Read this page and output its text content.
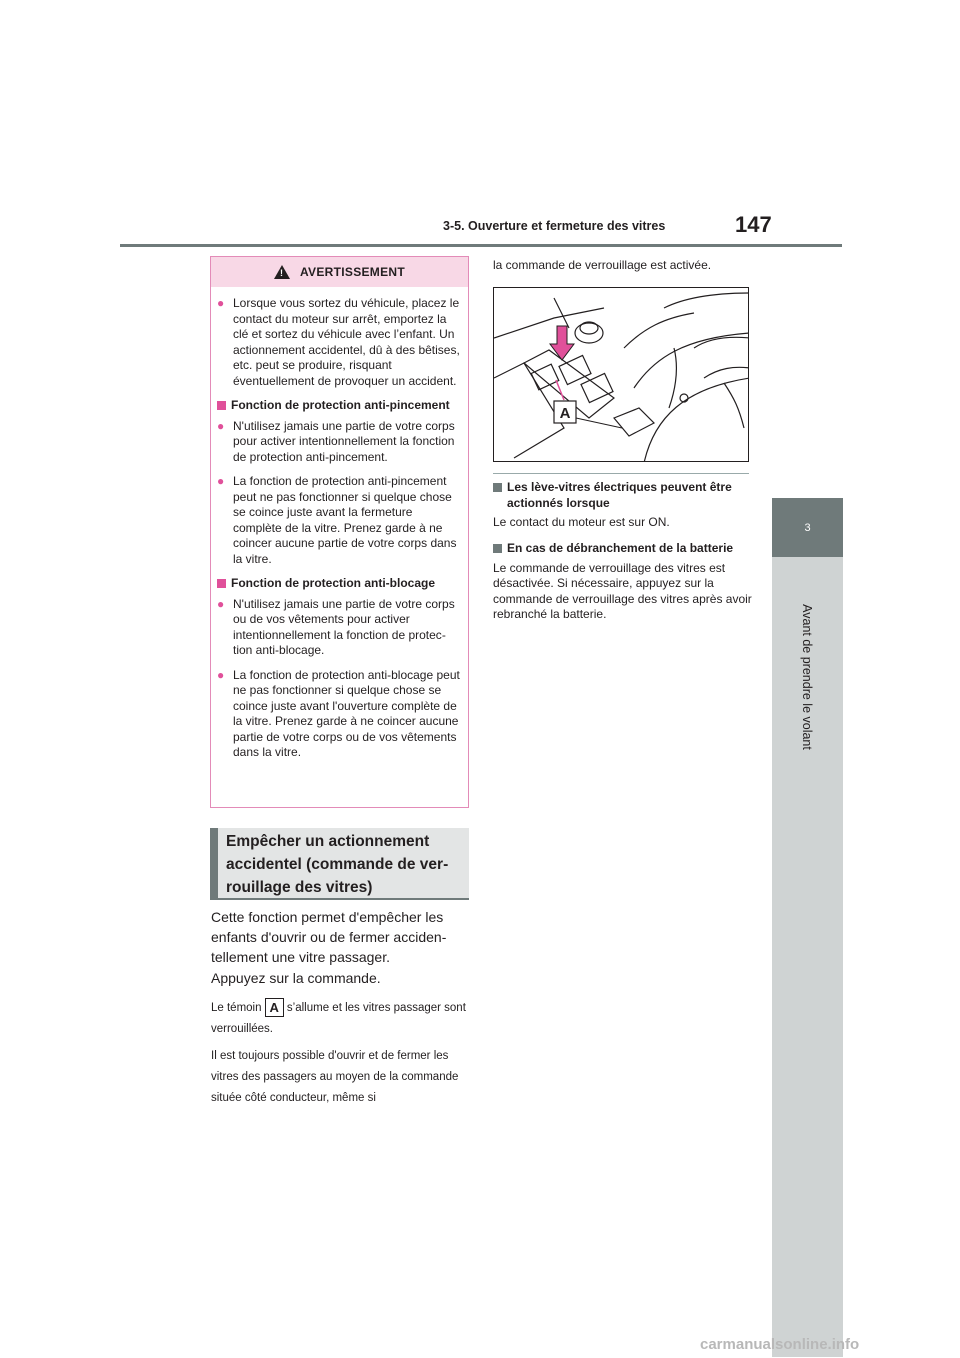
3-5. Ouverture et fermeture des vitres	147
3
Avant de prendre le volant
! AVERTISSEMENT
● Lorsque vous sortez du véhicule, placez le contact du moteur sur arrêt, emportez la clé et sortez du véhicule avec l’enfant. Un actionnement accidentel, dû à des bêtises, etc. peut se produire, risquant éventuellement de provoquer un accident.
Fonction de protection anti-pincement
● N'utilisez jamais une partie de votre corps pour activer intentionnellement la fonction de protection anti-pincement.
● La fonction de protection anti-pincement peut ne pas fonctionner si quelque chose se coince juste avant la fermeture complète de la vitre. Prenez garde à ne coincer aucune partie de votre corps dans la vitre.
Fonction de protection anti-blocage
● N'utilisez jamais une partie de votre corps ou de vos vêtements pour activer intentionnellement la fonction de protection anti-blocage.
● La fonction de protection anti-blocage peut ne pas fonctionner si quelque chose se coince juste avant l'ouverture complète de la vitre. Prenez garde à ne coincer aucune partie de votre corps ou de vos vêtements dans la vitre.
Empêcher un actionnement accidentel (commande de verrouillage des vitres)
Cette fonction permet d'empêcher les enfants d'ouvrir ou de fermer accidentellement une vitre passager.
Appuyez sur la commande.
Le témoin A s’allume et les vitres passager sont verrouillées.
Il est toujours possible d'ouvrir et de fermer les vitres des passagers au moyen de la commande située côté conducteur, même si
la commande de verrouillage est activée.
A
Les lève-vitres électriques peuvent être actionnés lorsque
Le contact du moteur est sur ON.
En cas de débranchement de la batterie
Le commande de verrouillage des vitres est désactivée. Si nécessaire, appuyez sur la commande de verrouillage des vitres après avoir rebranché la batterie.
carmanualsonline.info
